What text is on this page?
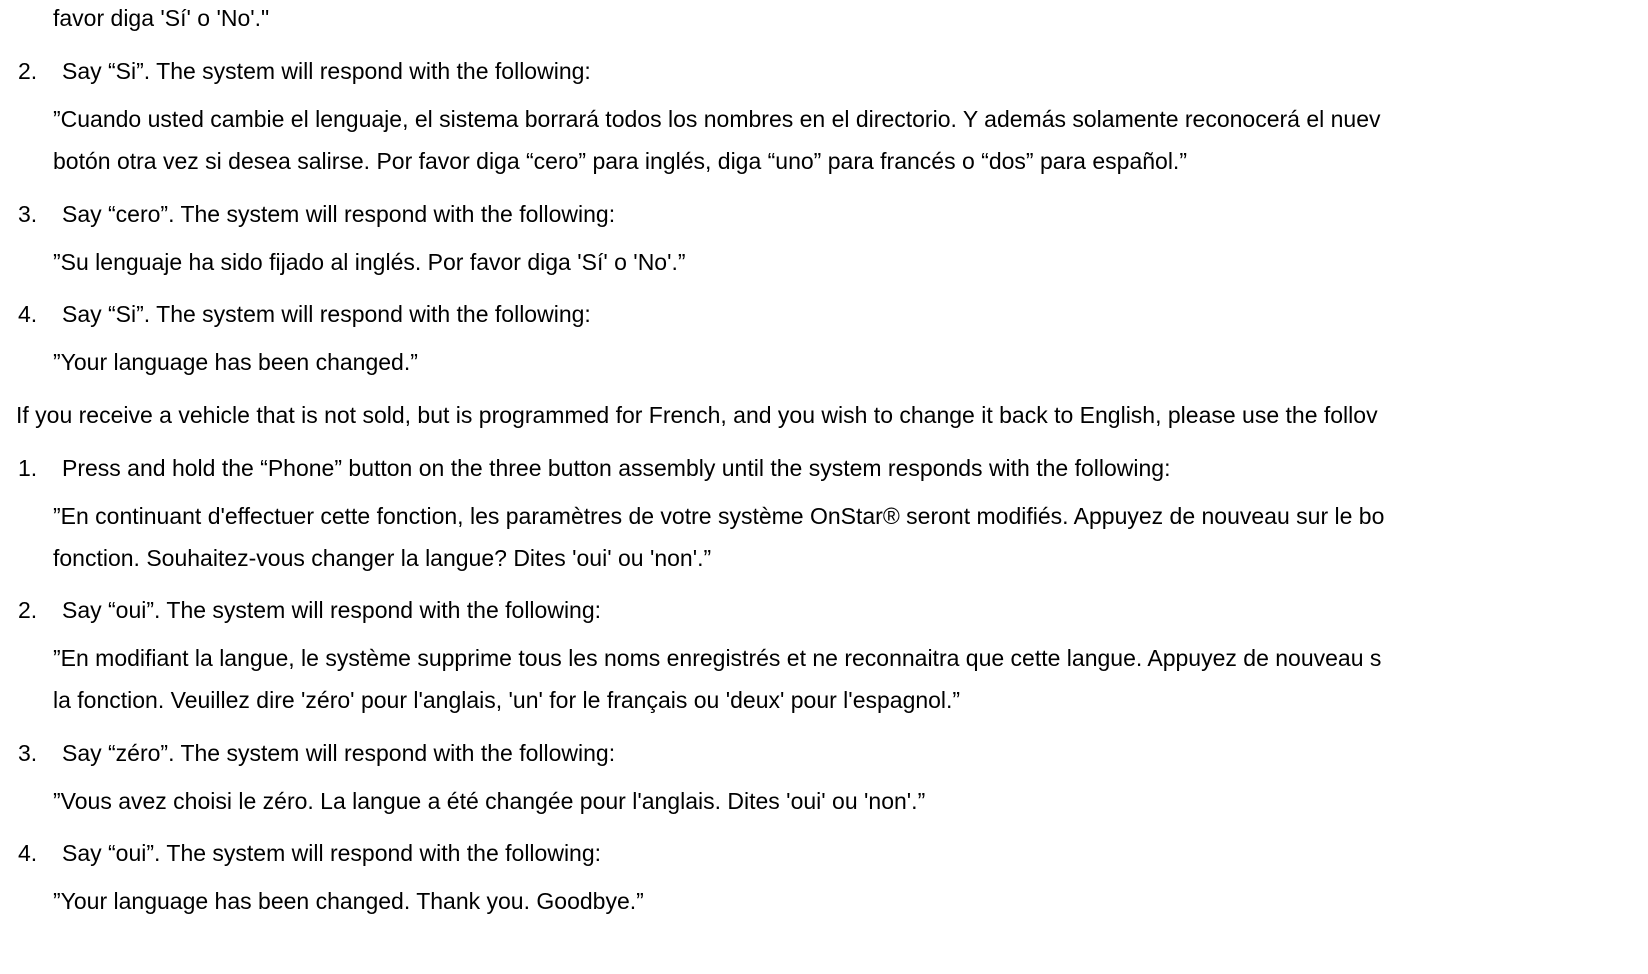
favor diga 'Sí' o 'No'."
2. Say “Si”. The system will respond with the following:
”Cuando usted cambie el lenguaje, el sistema borrará todos los nombres en el directorio. Y además solamente reconocerá el nuev
botón otra vez si desea salirse. Por favor diga “cero” para inglés, diga “uno” para francés o “dos” para español.”
3. Say “cero”. The system will respond with the following:
”Su lenguaje ha sido fijado al inglés. Por favor diga 'Sí' o 'No'.”
4. Say “Si”. The system will respond with the following:
”Your language has been changed.”
If you receive a vehicle that is not sold, but is programmed for French, and you wish to change it back to English, please use the follov
1. Press and hold the “Phone” button on the three button assembly until the system responds with the following:
”En continuant d'effectuer cette fonction, les paramètres de votre système OnStar® seront modifiés. Appuyez de nouveau sur le bo
fonction. Souhaitez-vous changer la langue? Dites 'oui' ou 'non'.”
2. Say “oui”. The system will respond with the following:
”En modifiant la langue, le système supprime tous les noms enregistrés et ne reconnaitra que cette langue. Appuyez de nouveau s
la fonction. Veuillez dire 'zéro' pour l'anglais, 'un' for le français ou 'deux' pour l'espagnol.”
3. Say “zéro”. The system will respond with the following:
”Vous avez choisi le zéro. La langue a été changée pour l'anglais. Dites 'oui' ou 'non'.”
4. Say “oui”. The system will respond with the following:
”Your language has been changed. Thank you. Goodbye.”
